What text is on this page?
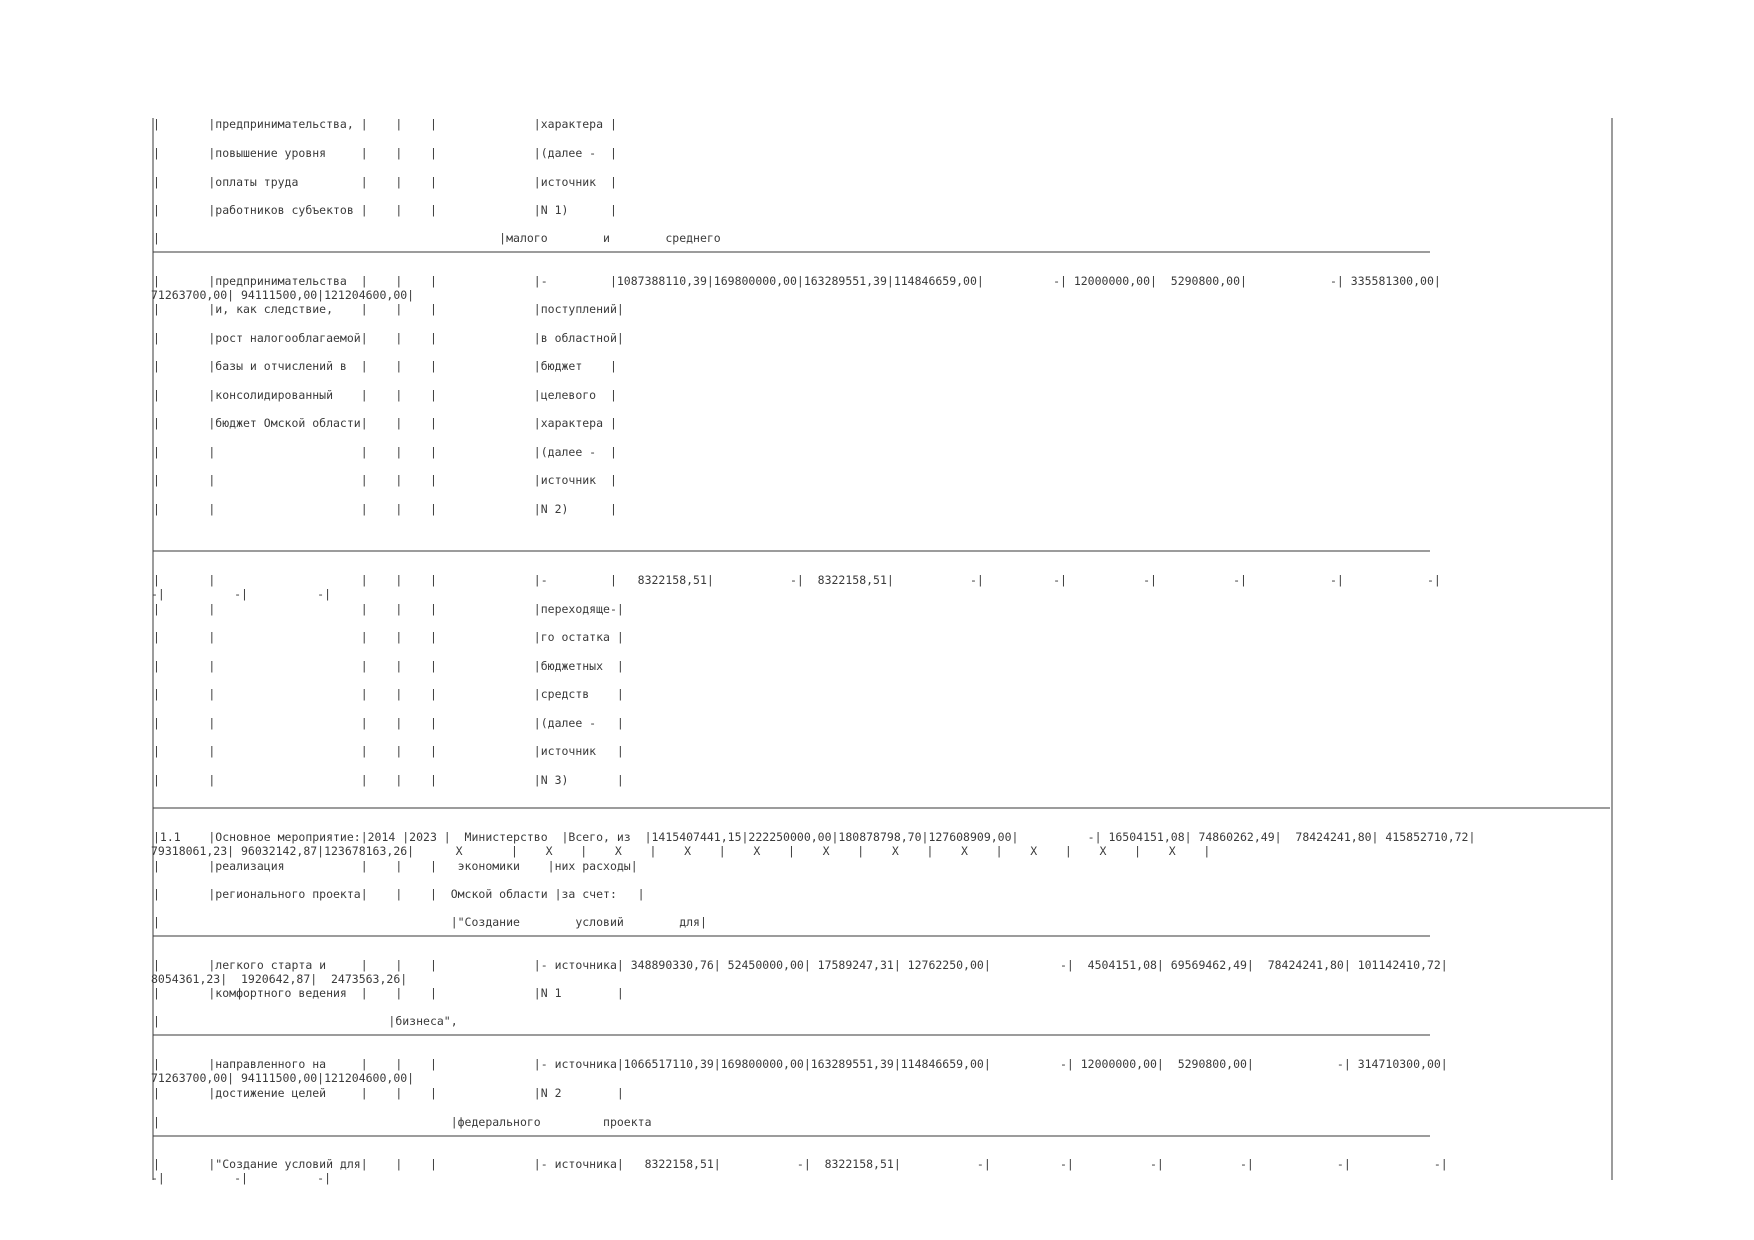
|       |предпринимательства, |    |    |              |характера |
|       |повышение уровня     |    |    |              |(далее -  |
|       |оплаты труда         |    |    |              |источник  |
|       |работников субъектов |    |    |              |N 1)      |
|                                                 |малого        и        среднего
|       |предпринимательства  |    |    |              |-         |1087388110,39|169800000,00|163289551,39|114846659,00|          -| 12000000,00|  5290800,00|            -| 335581300,00|
71263700,00| 94111500,00|121204600,00|
|       |и, как следствие,    |    |    |              |поступлений|
|       |рост налогооблагаемой|    |    |              |в областной|
|       |базы и отчислений в  |    |    |              |бюджет    |
|       |консолидированный    |    |    |              |целевого  |
|       |бюджет Омской области|    |    |              |характера |
|       |                     |    |    |              |(далее -  |
|       |                     |    |    |              |источник  |
|       |                     |    |    |              |N 2)      |
|       |                     |    |    |              |-         |   8322158,51|           -|  8322158,51|           -|          -|           -|           -|            -|            -|
-|          -|          -|
|       |                     |    |    |              |переходяще-|
|       |                     |    |    |              |го остатка |
|       |                     |    |    |              |бюджетных  |
|       |                     |    |    |              |средств    |
|       |                     |    |    |              |(далее -   |
|       |                     |    |    |              |источник   |
|       |                     |    |    |              |N 3)       |
|1.1    |Основное мероприятие:|2014 |2023 |  Министерство  |Всего, из  |1415407441,15|222250000,00|180878798,70|127608909,00|          -| 16504151,08| 74860262,49|  78424241,80| 415852710,72|
79318061,23| 96032142,87|123678163,26|      X       |    X    |    X    |    X    |    X    |    X    |    X    |    X    |    X    |    X    |    X    |
|       |реализация           |    |    |   экономики    |них расходы|
|       |регионального проекта|    |    |  Омской области |за счет:   |
|                                          |"Создание        условий        для|
|       |легкого старта и     |    |    |              |- источника| 348890330,76| 52450000,00| 17589247,31| 12762250,00|          -|  4504151,08| 69569462,49|  78424241,80| 101142410,72|
8054361,23|  1920642,87|  2473563,26|
|       |комфортного ведения  |    |    |              |N 1        |
|                                 |бизнеса",
|       |направленного на     |    |    |              |- источника|1066517110,39|169800000,00|163289551,39|114846659,00|          -| 12000000,00|  5290800,00|            -| 314710300,00|
71263700,00| 94111500,00|121204600,00|
|       |достижение целей     |    |    |              |N 2        |
|                                          |федерального         проекта
|       |"Создание условий для|    |    |              |- источника|   8322158,51|           -|  8322158,51|           -|          -|           -|           -|            -|            -|
-|          -|          -|
